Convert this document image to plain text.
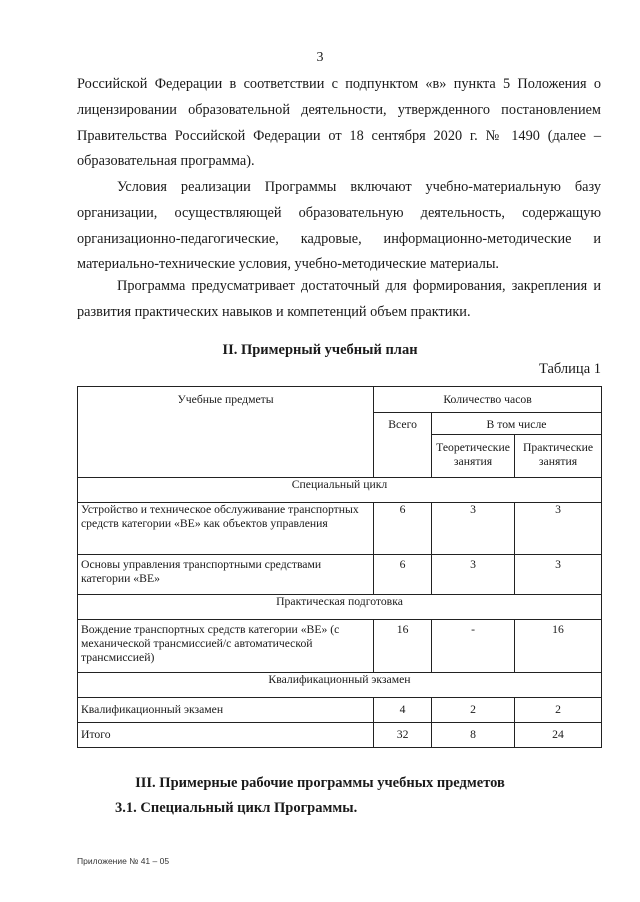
3

Российской Федерации в соответствии с подпунктом «в» пункта 5 Положения о лицензировании образовательной деятельности, утвержденного постановлением Правительства Российской Федерации от 18 сентября 2020 г. № 1490 (далее – образовательная программа).

Условия реализации Программы включают учебно-материальную базу организации, осуществляющей образовательную деятельность, содержащую организационно-педагогические, кадровые, информационно-методические и материально-технические условия, учебно-методические материалы.

Программа предусматривает достаточный для формирования, закрепления и развития практических навыков и компетенций объем практики.

II. Примерный учебный план
Таблица 1
Учебные предметы	Количество часов		
	Всего	В том числе	
		Теоретические занятия	Практические занятия
Специальный цикл			
Устройство и техническое обслуживание транспортных средств категории «ВЕ» как объектов управления	6	3	3
Основы управления транспортными средствами категории «ВЕ»	6	3	3
Практическая подготовка			
Вождение транспортных средств категории «ВЕ» (с механической трансмиссией/с автоматической трансмиссией)	16	-	16
Квалификационный экзамен			
Квалификационный экзамен	4	2	2
Итого	32	8	24
III. Примерные рабочие программы учебных предметов
3.1. Специальный цикл Программы.
Приложение № 41 – 05
